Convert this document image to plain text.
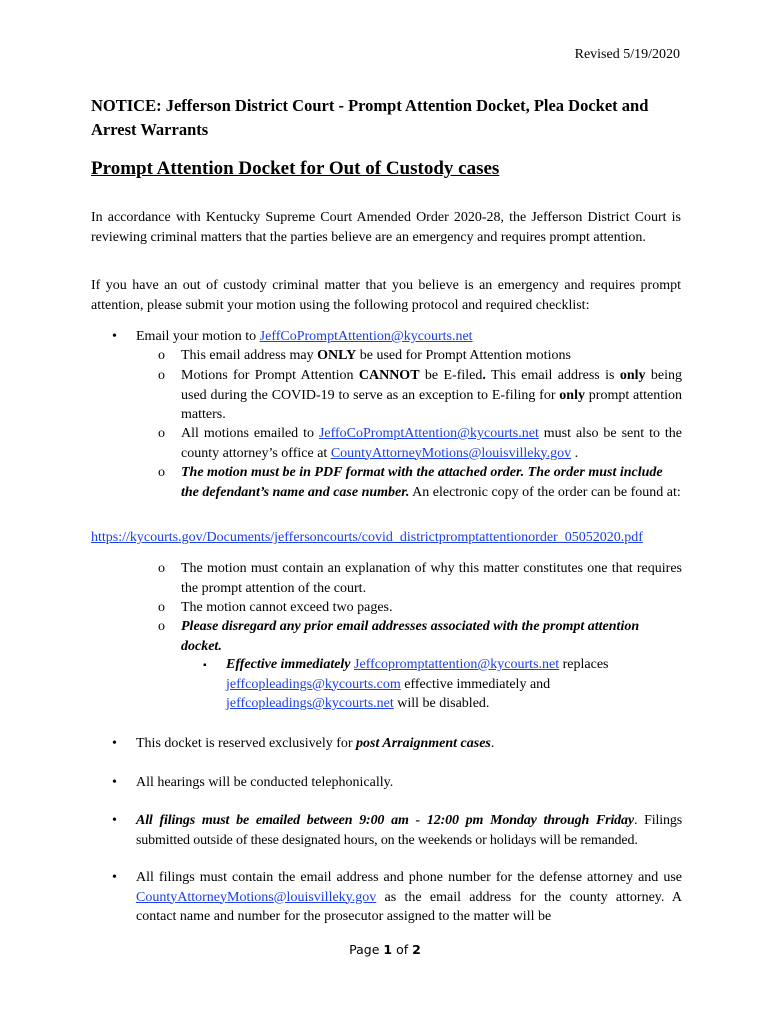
Revised 5/19/2020
NOTICE: Jefferson District Court - Prompt Attention Docket, Plea Docket and Arrest Warrants
Prompt Attention Docket for Out of Custody cases
In accordance with Kentucky Supreme Court Amended Order 2020-28, the Jefferson District Court is reviewing criminal matters that the parties believe are an emergency and requires prompt attention.
If you have an out of custody criminal matter that you believe is an emergency and requires prompt attention, please submit your motion using the following protocol and required checklist:
•	Email your motion to JeffCoPromptAttention@kycourts.net
o This email address may ONLY be used for Prompt Attention motions
o Motions for Prompt Attention CANNOT be E-filed. This email address is only being used during the COVID-19 to serve as an exception to E-filing for only prompt attention matters.
o All motions emailed to JeffoCoPromptAttention@kycourts.net must also be sent to the county attorney’s office at CountyAttorneyMotions@louisvilleky.gov .
o The motion must be in PDF format with the attached order. The order must include the defendant’s name and case number. An electronic copy of the order can be found at:
https://kycourts.gov/Documents/jeffersoncourts/covid_districtpromptattentionorder_05052020.pdf
o The motion must contain an explanation of why this matter constitutes one that requires the prompt attention of the court.
o The motion cannot exceed two pages.
o Please disregard any prior email addresses associated with the prompt attention docket.
▪ Effective immediately Jeffcopromptattention@kycourts.net replaces jeffcopleadings@kycourts.com effective immediately and jeffcopleadings@kycourts.net will be disabled.
•	This docket is reserved exclusively for post Arraignment cases.
•	All hearings will be conducted telephonically.
•	All filings must be emailed between 9:00 am - 12:00 pm Monday through Friday. Filings submitted outside of these designated hours, on the weekends or holidays will be remanded.
•	All filings must contain the email address and phone number for the defense attorney and use CountyAttorneyMotions@louisvilleky.gov as the email address for the county attorney. A contact name and number for the prosecutor assigned to the matter will be
Page 1 of 2
